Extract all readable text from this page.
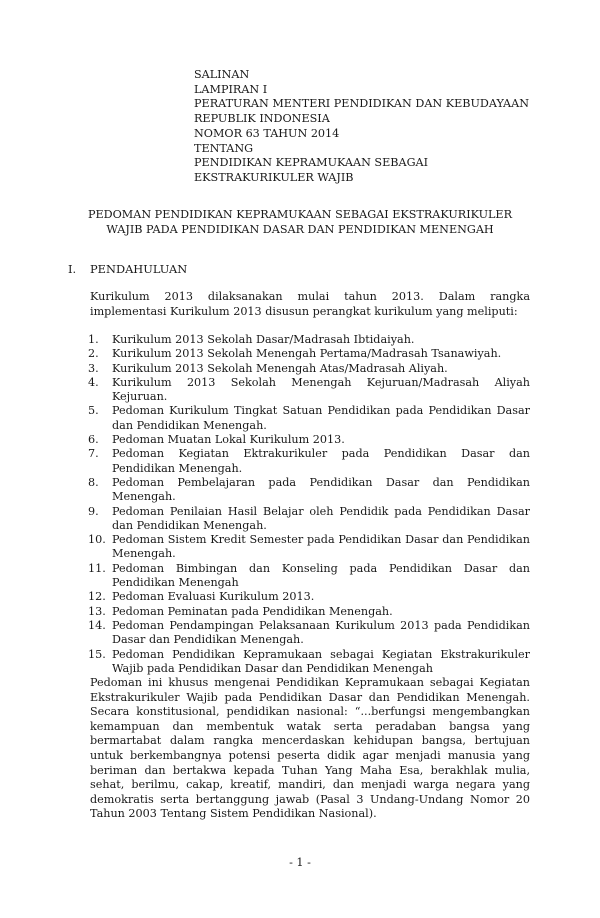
SALINAN
LAMPIRAN I
PERATURAN MENTERI PENDIDIKAN DAN KEBUDAYAAN
REPUBLIK INDONESIA
NOMOR 63 TAHUN 2014
TENTANG
PENDIDIKAN KEPRAMUKAAN SEBAGAI
EKSTRAKURIKULER WAJIB
PEDOMAN PENDIDIKAN KEPRAMUKAAN SEBAGAI EKSTRAKURIKULER
WAJIB PADA PENDIDIKAN DASAR DAN PENDIDIKAN MENENGAH
I. PENDAHULUAN
Kurikulum 2013 dilaksanakan mulai tahun 2013. Dalam rangka implementasi Kurikulum 2013 disusun perangkat kurikulum yang meliputi:
1. Kurikulum 2013 Sekolah Dasar/Madrasah Ibtidaiyah.
2. Kurikulum 2013 Sekolah Menengah Pertama/Madrasah Tsanawiyah.
3. Kurikulum 2013 Sekolah Menengah Atas/Madrasah Aliyah.
4. Kurikulum 2013 Sekolah Menengah Kejuruan/Madrasah Aliyah Kejuruan.
5. Pedoman Kurikulum Tingkat Satuan Pendidikan pada Pendidikan Dasar dan Pendidikan Menengah.
6. Pedoman Muatan Lokal Kurikulum 2013.
7. Pedoman Kegiatan Ektrakurikuler pada Pendidikan Dasar dan Pendidikan Menengah.
8. Pedoman Pembelajaran pada Pendidikan Dasar dan Pendidikan Menengah.
9. Pedoman Penilaian Hasil Belajar oleh Pendidik pada Pendidikan Dasar dan Pendidikan Menengah.
10. Pedoman Sistem Kredit Semester pada Pendidikan Dasar dan Pendidikan Menengah.
11. Pedoman Bimbingan dan Konseling pada Pendidikan Dasar dan Pendidikan Menengah
12. Pedoman Evaluasi Kurikulum 2013.
13. Pedoman Peminatan pada Pendidikan Menengah.
14. Pedoman Pendampingan Pelaksanaan Kurikulum 2013 pada Pendidikan Dasar dan Pendidikan Menengah.
15. Pedoman Pendidikan Kepramukaan sebagai Kegiatan Ekstrakurikuler Wajib pada Pendidikan Dasar dan Pendidikan Menengah
Pedoman ini khusus mengenai Pendidikan Kepramukaan sebagai Kegiatan Ekstrakurikuler Wajib pada Pendidikan Dasar dan Pendidikan Menengah. Secara konstitusional, pendidikan nasional: “...berfungsi mengembangkan kemampuan dan membentuk watak serta peradaban bangsa yang bermartabat dalam rangka mencerdaskan kehidupan bangsa, bertujuan untuk berkembangnya potensi peserta didik agar menjadi manusia yang beriman dan bertakwa kepada Tuhan Yang Maha Esa, berakhlak mulia, sehat, berilmu, cakap, kreatif, mandiri, dan menjadi warga negara yang demokratis serta bertanggung jawab (Pasal 3 Undang-Undang Nomor 20 Tahun 2003 Tentang Sistem Pendidikan Nasional).
- 1 -
